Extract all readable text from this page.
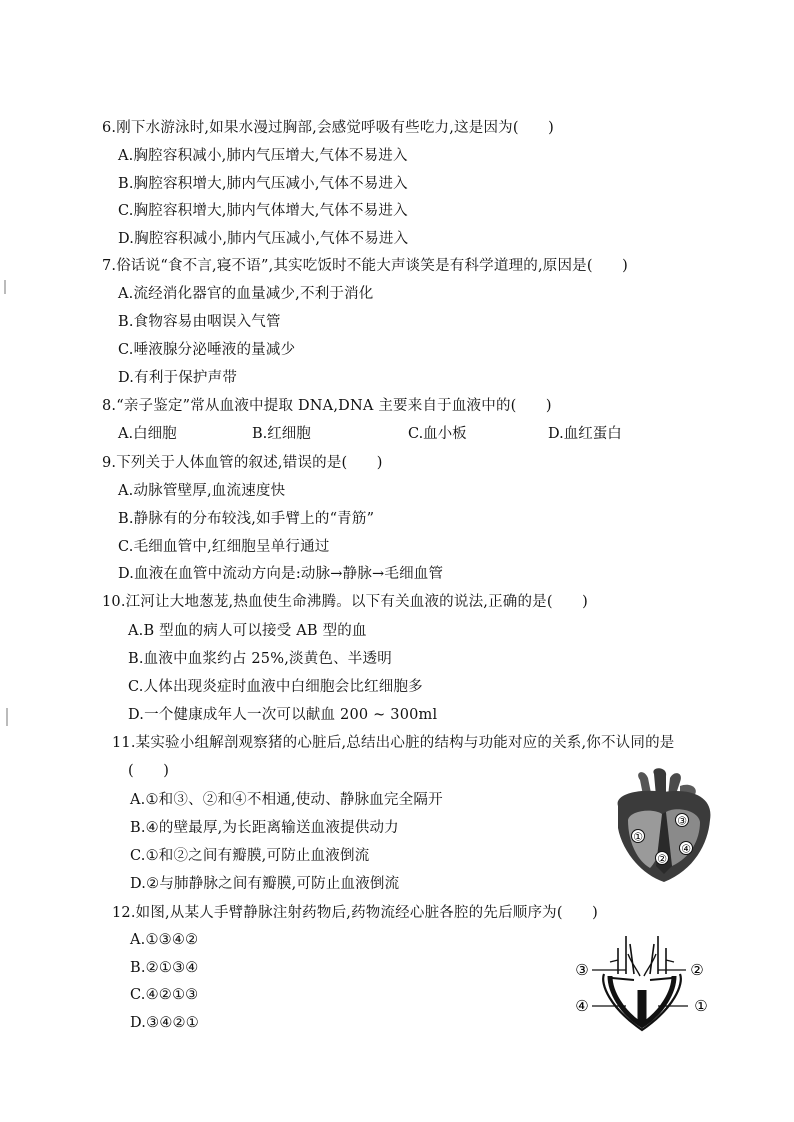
6.刚下水游泳时,如果水漫过胸部,会感觉呼吸有些吃力,这是因为(　　)
A.胸腔容积减小,肺内气压增大,气体不易进入
B.胸腔容积增大,肺内气压减小,气体不易进入
C.胸腔容积增大,肺内气体增大,气体不易进入
D.胸腔容积减小,肺内气压减小,气体不易进入
7.俗话说“食不言,寝不语”,其实吃饭时不能大声谈笑是有科学道理的,原因是(　　)
A.流经消化器官的血量减少,不利于消化
B.食物容易由咽误入气管
C.唾液腺分泌唾液的量减少
D.有利于保护声带
8.“亲子鉴定”常从血液中提取 DNA,DNA 主要来自于血液中的(　　)
A.白细胞	B.红细胞	C.血小板	D.血红蛋白
9.下列关于人体血管的叙述,错误的是(　　)
A.动脉管壁厚,血流速度快
B.静脉有的分布较浅,如手臂上的“青筋”
C.毛细血管中,红细胞呈单行通过
D.血液在血管中流动方向是:动脉→静脉→毛细血管
10.江河让大地葱茏,热血使生命沸腾。以下有关血液的说法,正确的是(　　)
A.B 型血的病人可以接受 AB 型的血
B.血液中血浆约占 25%,淡黄色、半透明
C.人体出现炎症时血液中白细胞会比红细胞多
D.一个健康成年人一次可以献血 200 ~ 300ml
11.某实验小组解剖观察猪的心脏后,总结出心脏的结构与功能对应的关系,你不认同的是
(　　)
A.①和③、②和④不相通,使动、静脉血完全隔开
B.④的壁最厚,为长距离输送血液提供动力
C.①和②之间有瓣膜,可防止血液倒流
D.②与肺静脉之间有瓣膜,可防止血液倒流
①
②
③
④
12.如图,从某人手臂静脉注射药物后,药物流经心脏各腔的先后顺序为(　　)
A.①③④②
B.②①③④
C.④②①③
D.③④②①
③	②
④	①
